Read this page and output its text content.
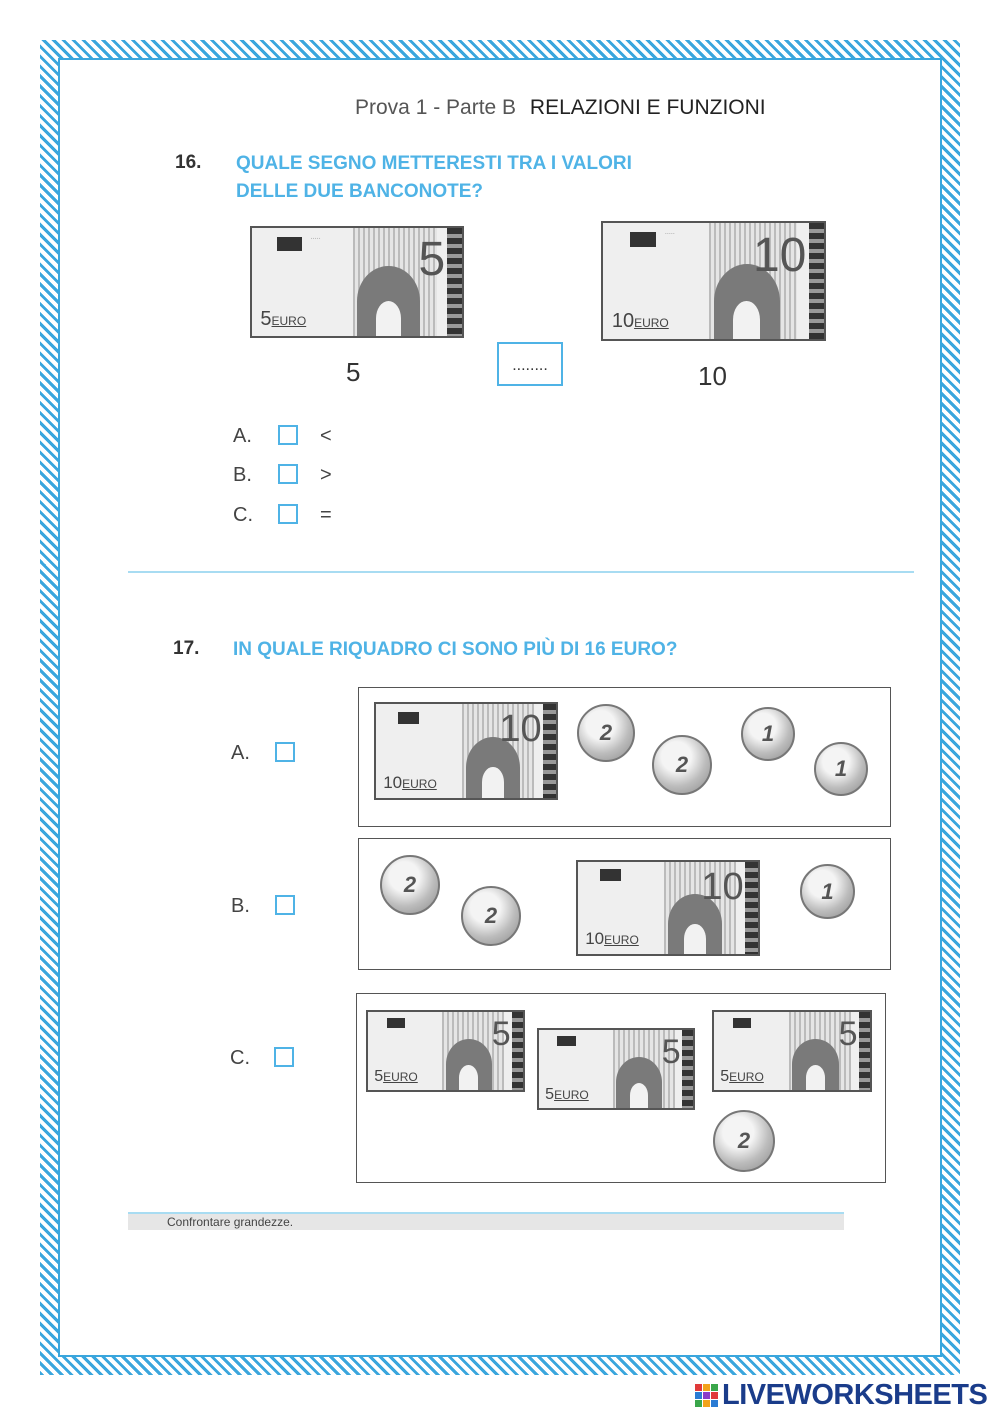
Prova 1 - Parte B RELAZIONI E FUNZIONI
16. QUALE SEGNO METTERESTI TRA I VALORI
DELLE DUE BANCONOTE?
····· 5
5EURO
····· 10
10EURO
5	........	10
A.	<
B.	>
C.	=
17. IN QUALE RIQUADRO CI SONO PIÙ DI 16 EURO?
A.
10
10EURO
2
2
1
1
B.
2
2
10
10EURO
1
C.
5
5EURO
5
5EURO
5
5EURO
2
Confrontare grandezze.
LIVEWORKSHEETS
